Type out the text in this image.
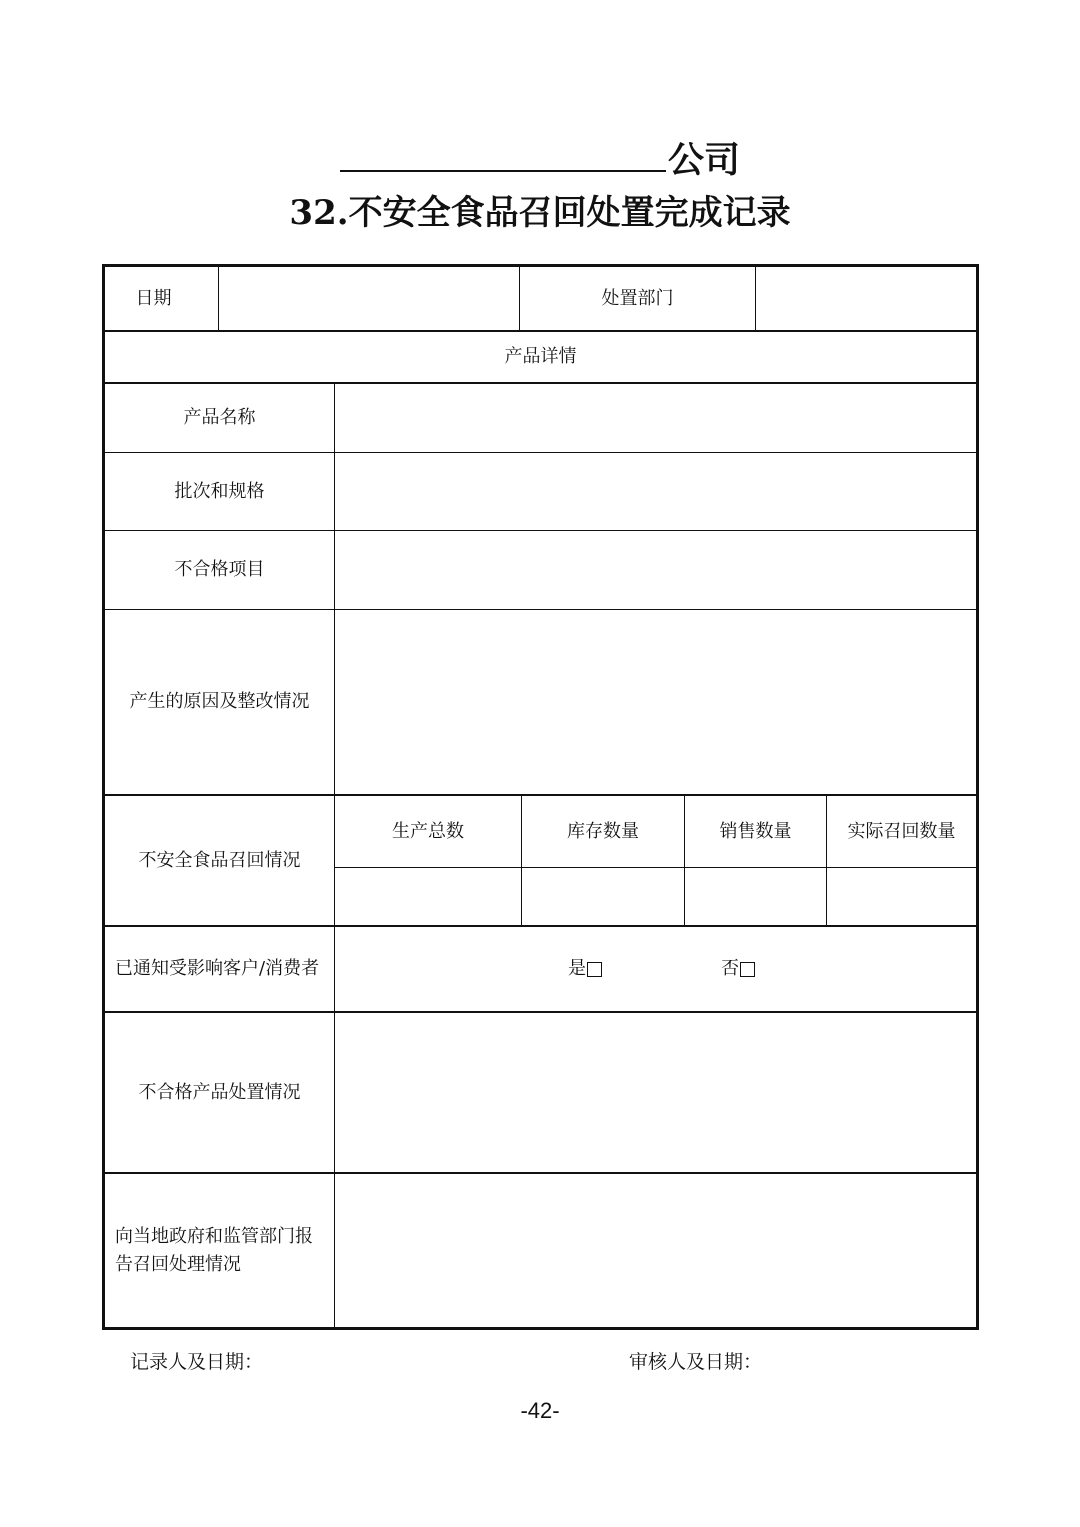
公司
32.不安全食品召回处置完成记录
日期	处置部门
产品详情
产品名称
批次和规格
不合格项目
产生的原因及整改情况
不安全食品召回情况
生产总数	库存数量	销售数量	实际召回数量
已通知受影响客户/消费者	是	否
不合格产品处置情况
向当地政府和监管部门报告召回处理情况
记录人及日期：	审核人及日期：
-42-
